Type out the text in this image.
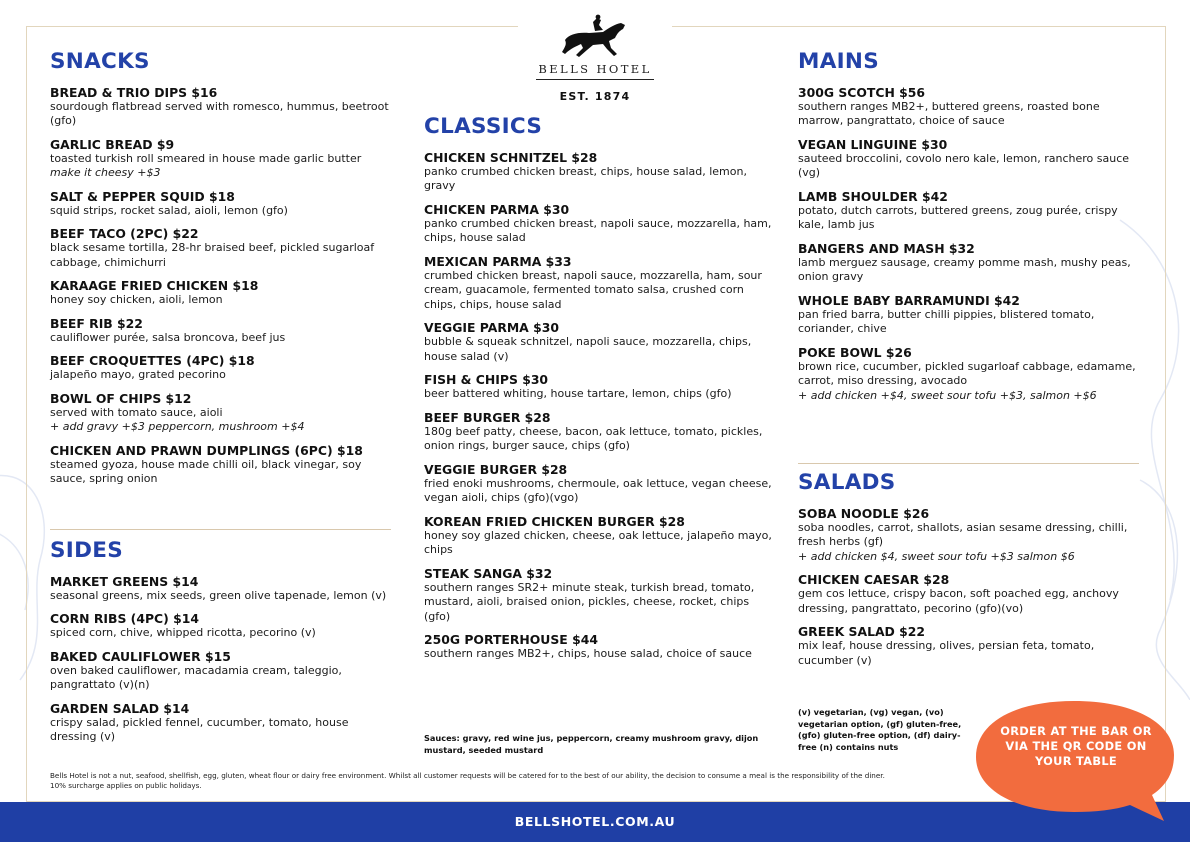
BELLS HOTEL
EST. 1874
SNACKS
BREAD & TRIO DIPS $16
sourdough flatbread served with romesco, hummus, beetroot (gfo)
GARLIC BREAD $9
toasted turkish roll smeared in house made garlic butter
make it cheesy +$3
SALT & PEPPER SQUID $18
squid strips, rocket salad, aioli, lemon (gfo)
BEEF TACO (2PC) $22
black sesame tortilla, 28-hr braised beef, pickled sugarloaf cabbage, chimichurri
KARAAGE FRIED CHICKEN $18
honey soy chicken, aioli, lemon
BEEF RIB $22
cauliflower purée, salsa broncova, beef jus
BEEF CROQUETTES (4PC) $18
jalapeño mayo, grated pecorino
BOWL OF CHIPS $12
served with tomato sauce, aioli
+ add gravy +$3 peppercorn, mushroom +$4
CHICKEN AND PRAWN DUMPLINGS (6PC) $18
steamed gyoza, house made chilli oil, black vinegar, soy sauce, spring onion
SIDES
MARKET GREENS $14
seasonal greens, mix seeds, green olive tapenade, lemon (v)
CORN RIBS (4PC) $14
spiced corn, chive, whipped ricotta, pecorino (v)
BAKED CAULIFLOWER $15
oven baked cauliflower, macadamia cream, taleggio, pangrattato (v)(n)
GARDEN SALAD $14
crispy salad, pickled fennel, cucumber, tomato, house dressing (v)
CLASSICS
CHICKEN SCHNITZEL $28
panko crumbed chicken breast, chips, house salad, lemon, gravy
CHICKEN PARMA $30
panko crumbed chicken breast, napoli sauce, mozzarella, ham, chips, house salad
MEXICAN PARMA $33
crumbed chicken breast, napoli sauce, mozzarella, ham, sour cream, guacamole, fermented tomato salsa, crushed corn chips, chips, house salad
VEGGIE PARMA $30
bubble & squeak schnitzel, napoli sauce, mozzarella, chips, house salad (v)
FISH & CHIPS $30
beer battered whiting, house tartare, lemon, chips (gfo)
BEEF BURGER $28
180g beef patty, cheese, bacon, oak lettuce, tomato, pickles, onion rings, burger sauce, chips (gfo)
VEGGIE BURGER $28
fried enoki mushrooms, chermoule, oak lettuce, vegan cheese, vegan aioli, chips (gfo)(vgo)
KOREAN FRIED CHICKEN BURGER $28
honey soy glazed chicken, cheese, oak lettuce, jalapeño mayo, chips
STEAK SANGA $32
southern ranges SR2+ minute steak, turkish bread, tomato, mustard, aioli, braised onion, pickles, cheese, rocket, chips (gfo)
250G PORTERHOUSE $44
southern ranges MB2+, chips, house salad, choice of sauce
Sauces: gravy, red wine jus, peppercorn, creamy mushroom gravy, dijon mustard, seeded mustard
MAINS
300G SCOTCH $56
southern ranges MB2+, buttered greens, roasted bone marrow, pangrattato, choice of sauce
VEGAN LINGUINE $30
sauteed broccolini, covolo nero kale, lemon, ranchero sauce (vg)
LAMB SHOULDER $42
potato, dutch carrots, buttered greens, zoug purée, crispy kale, lamb jus
BANGERS AND MASH $32
lamb merguez sausage, creamy pomme mash, mushy peas, onion gravy
WHOLE BABY BARRAMUNDI $42
pan fried barra, butter chilli pippies, blistered tomato, coriander, chive
POKE BOWL $26
brown rice, cucumber, pickled sugarloaf cabbage, edamame, carrot, miso dressing, avocado
+ add chicken +$4, sweet sour tofu +$3, salmon +$6
SALADS
SOBA NOODLE $26
soba noodles, carrot, shallots, asian sesame dressing, chilli, fresh herbs (gf)
+ add chicken $4, sweet sour tofu +$3 salmon $6
CHICKEN CAESAR $28
gem cos lettuce, crispy bacon, soft poached egg, anchovy dressing, pangrattato, pecorino (gfo)(vo)
GREEK SALAD $22
mix leaf, house dressing, olives, persian feta, tomato, cucumber (v)
(v) vegetarian, (vg) vegan, (vo) vegetarian option, (gf) gluten-free, (gfo) gluten-free option, (df) dairy-free (n) contains nuts
Bells Hotel is not a nut, seafood, shellfish, egg, gluten, wheat flour or dairy free environment. Whilst all customer requests will be catered for to the best of our ability, the decision to consume a meal is the responsibility of the diner.
10% surcharge applies on public holidays.
BELLSHOTEL.COM.AU
ORDER AT THE BAR OR VIA THE QR CODE ON YOUR TABLE
